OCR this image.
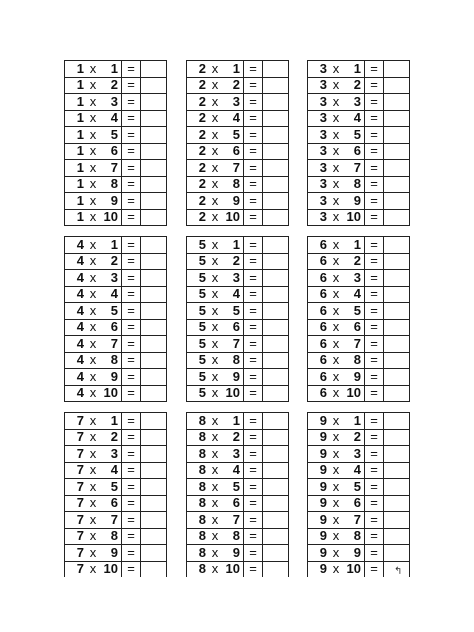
1	x	1	=	
1	x	2	=	
1	x	3	=	
1	x	4	=	
1	x	5	=	
1	x	6	=	
1	x	7	=	
1	x	8	=	
1	x	9	=	
1	x	10	=	
2	x	1	=	
2	x	2	=	
2	x	3	=	
2	x	4	=	
2	x	5	=	
2	x	6	=	
2	x	7	=	
2	x	8	=	
2	x	9	=	
2	x	10	=	
3	x	1	=	
3	x	2	=	
3	x	3	=	
3	x	4	=	
3	x	5	=	
3	x	6	=	
3	x	7	=	
3	x	8	=	
3	x	9	=	
3	x	10	=	
4	x	1	=	
4	x	2	=	
4	x	3	=	
4	x	4	=	
4	x	5	=	
4	x	6	=	
4	x	7	=	
4	x	8	=	
4	x	9	=	
4	x	10	=	
5	x	1	=	
5	x	2	=	
5	x	3	=	
5	x	4	=	
5	x	5	=	
5	x	6	=	
5	x	7	=	
5	x	8	=	
5	x	9	=	
5	x	10	=	
6	x	1	=	
6	x	2	=	
6	x	3	=	
6	x	4	=	
6	x	5	=	
6	x	6	=	
6	x	7	=	
6	x	8	=	
6	x	9	=	
6	x	10	=	
7	x	1	=	
7	x	2	=	
7	x	3	=	
7	x	4	=	
7	x	5	=	
7	x	6	=	
7	x	7	=	
7	x	8	=	
7	x	9	=	
7	x	10	=	
8	x	1	=	
8	x	2	=	
8	x	3	=	
8	x	4	=	
8	x	5	=	
8	x	6	=	
8	x	7	=	
8	x	8	=	
8	x	9	=	
8	x	10	=	
9	x	1	=	
9	x	2	=	
9	x	3	=	
9	x	4	=	
9	x	5	=	
9	x	6	=	
9	x	7	=	
9	x	8	=	
9	x	9	=	
9	x	10	=	↰
